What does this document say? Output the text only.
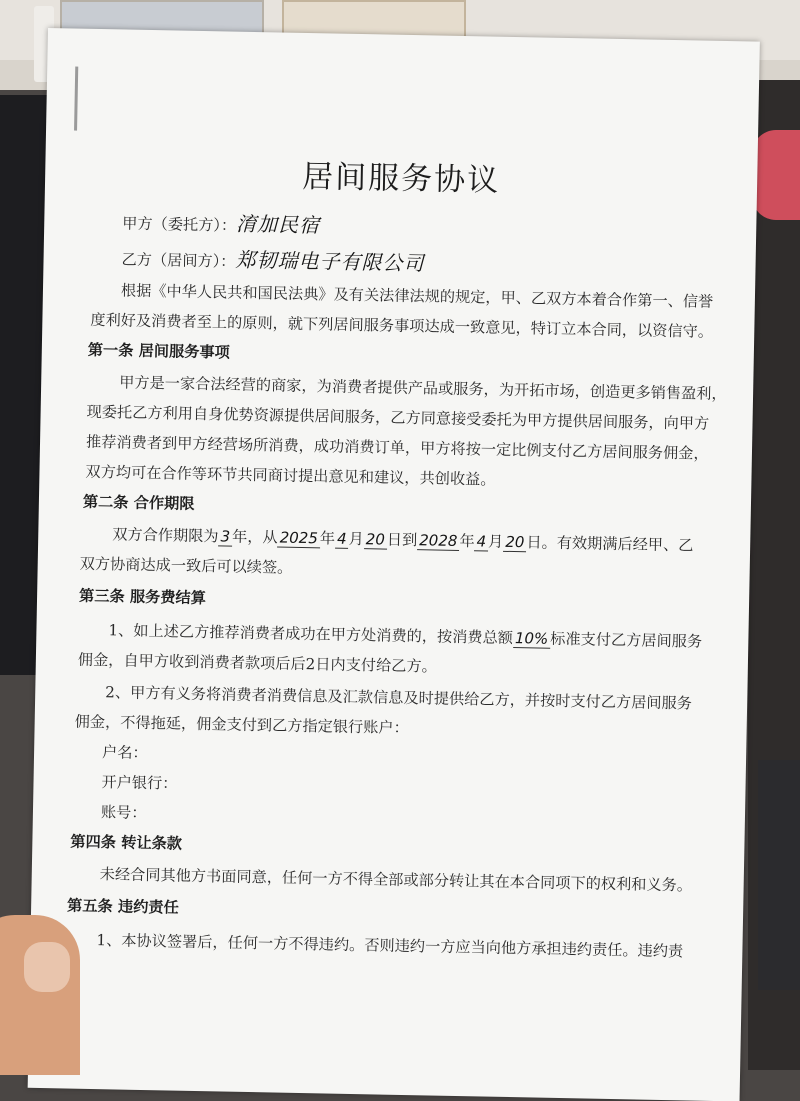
居间服务协议
甲方（委托方）：淯加民宿
乙方（居间方）：郑韧瑞电子有限公司
根据《中华人民共和国民法典》及有关法律法规的规定，甲、乙双方本着合作第一、信誉
度利好及消费者至上的原则，就下列居间服务事项达成一致意见，特订立本合同，以资信守。
第一条 居间服务事项
甲方是一家合法经营的商家，为消费者提供产品或服务，为开拓市场，创造更多销售盈利，
现委托乙方利用自身优势资源提供居间服务，乙方同意接受委托为甲方提供居间服务，向甲方
推荐消费者到甲方经营场所消费，成功消费订单，甲方将按一定比例支付乙方居间服务佣金，
双方均可在合作等环节共同商讨提出意见和建议，共创收益。
第二条 合作期限
双方合作期限为 3 年，从 2025 年 4 月 20 日到 2028 年 4 月 20 日。有效期满后经甲、乙
双方协商达成一致后可以续签。
第三条 服务费结算
1、如上述乙方推荐消费者成功在甲方处消费的，按消费总额 10% 标准支付乙方居间服务
佣金，自甲方收到消费者款项后后2日内支付给乙方。
2、甲方有义务将消费者消费信息及汇款信息及时提供给乙方，并按时支付乙方居间服务
佣金，不得拖延，佣金支付到乙方指定银行账户：
户名：
开户银行：
账号：
第四条 转让条款
未经合同其他方书面同意，任何一方不得全部或部分转让其在本合同项下的权利和义务。
第五条 违约责任
1、本协议签署后，任何一方不得违约。否则违约一方应当向他方承担违约责任。违约责
